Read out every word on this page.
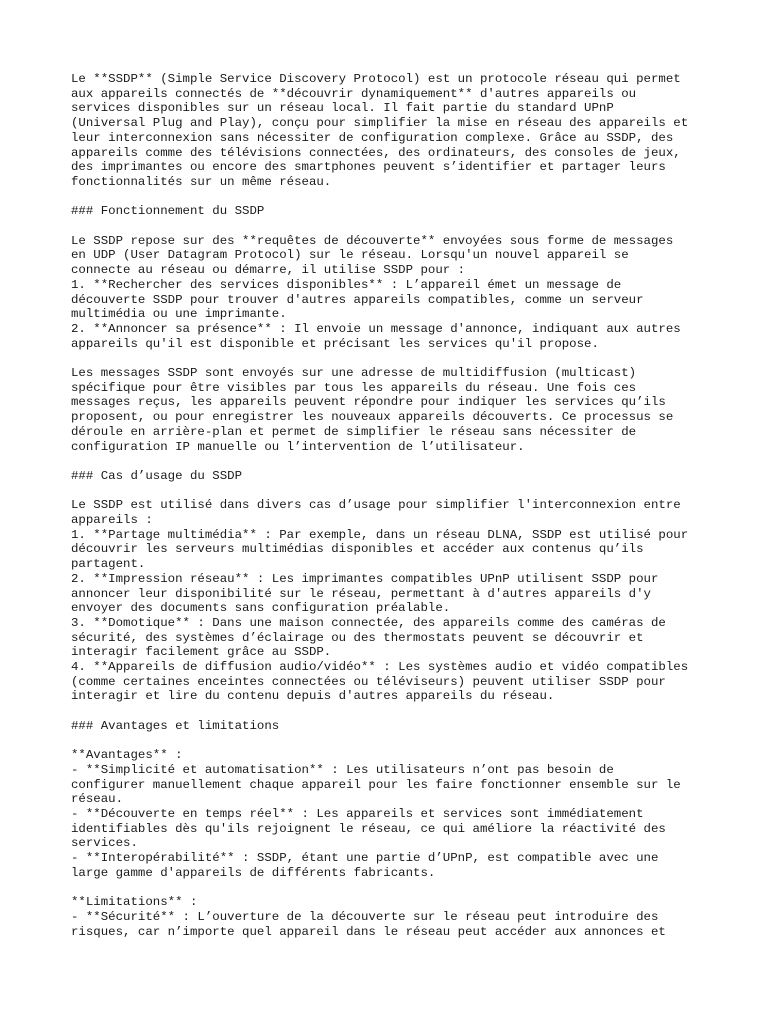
Le **SSDP** (Simple Service Discovery Protocol) est un protocole réseau qui permet
aux appareils connectés de **découvrir dynamiquement** d'autres appareils ou
services disponibles sur un réseau local. Il fait partie du standard UPnP
(Universal Plug and Play), conçu pour simplifier la mise en réseau des appareils et
leur interconnexion sans nécessiter de configuration complexe. Grâce au SSDP, des
appareils comme des télévisions connectées, des ordinateurs, des consoles de jeux,
des imprimantes ou encore des smartphones peuvent s’identifier et partager leurs
fonctionnalités sur un même réseau.
### Fonctionnement du SSDP
Le SSDP repose sur des **requêtes de découverte** envoyées sous forme de messages
en UDP (User Datagram Protocol) sur le réseau. Lorsqu'un nouvel appareil se
connecte au réseau ou démarre, il utilise SSDP pour :
1. **Rechercher des services disponibles** : L’appareil émet un message de
découverte SSDP pour trouver d'autres appareils compatibles, comme un serveur
multimédia ou une imprimante.
2. **Annoncer sa présence** : Il envoie un message d'annonce, indiquant aux autres
appareils qu'il est disponible et précisant les services qu'il propose.
Les messages SSDP sont envoyés sur une adresse de multidiffusion (multicast)
spécifique pour être visibles par tous les appareils du réseau. Une fois ces
messages reçus, les appareils peuvent répondre pour indiquer les services qu’ils
proposent, ou pour enregistrer les nouveaux appareils découverts. Ce processus se
déroule en arrière-plan et permet de simplifier le réseau sans nécessiter de
configuration IP manuelle ou l’intervention de l’utilisateur.
### Cas d’usage du SSDP
Le SSDP est utilisé dans divers cas d’usage pour simplifier l'interconnexion entre
appareils :
1. **Partage multimédia** : Par exemple, dans un réseau DLNA, SSDP est utilisé pour
découvrir les serveurs multimédias disponibles et accéder aux contenus qu’ils
partagent.
2. **Impression réseau** : Les imprimantes compatibles UPnP utilisent SSDP pour
annoncer leur disponibilité sur le réseau, permettant à d'autres appareils d'y
envoyer des documents sans configuration préalable.
3. **Domotique** : Dans une maison connectée, des appareils comme des caméras de
sécurité, des systèmes d’éclairage ou des thermostats peuvent se découvrir et
interagir facilement grâce au SSDP.
4. **Appareils de diffusion audio/vidéo** : Les systèmes audio et vidéo compatibles
(comme certaines enceintes connectées ou téléviseurs) peuvent utiliser SSDP pour
interagir et lire du contenu depuis d'autres appareils du réseau.
### Avantages et limitations
**Avantages** :
- **Simplicité et automatisation** : Les utilisateurs n’ont pas besoin de
configurer manuellement chaque appareil pour les faire fonctionner ensemble sur le
réseau.
- **Découverte en temps réel** : Les appareils et services sont immédiatement
identifiables dès qu'ils rejoignent le réseau, ce qui améliore la réactivité des
services.
- **Interopérabilité** : SSDP, étant une partie d’UPnP, est compatible avec une
large gamme d'appareils de différents fabricants.
**Limitations** :
- **Sécurité** : L’ouverture de la découverte sur le réseau peut introduire des
risques, car n’importe quel appareil dans le réseau peut accéder aux annonces et
